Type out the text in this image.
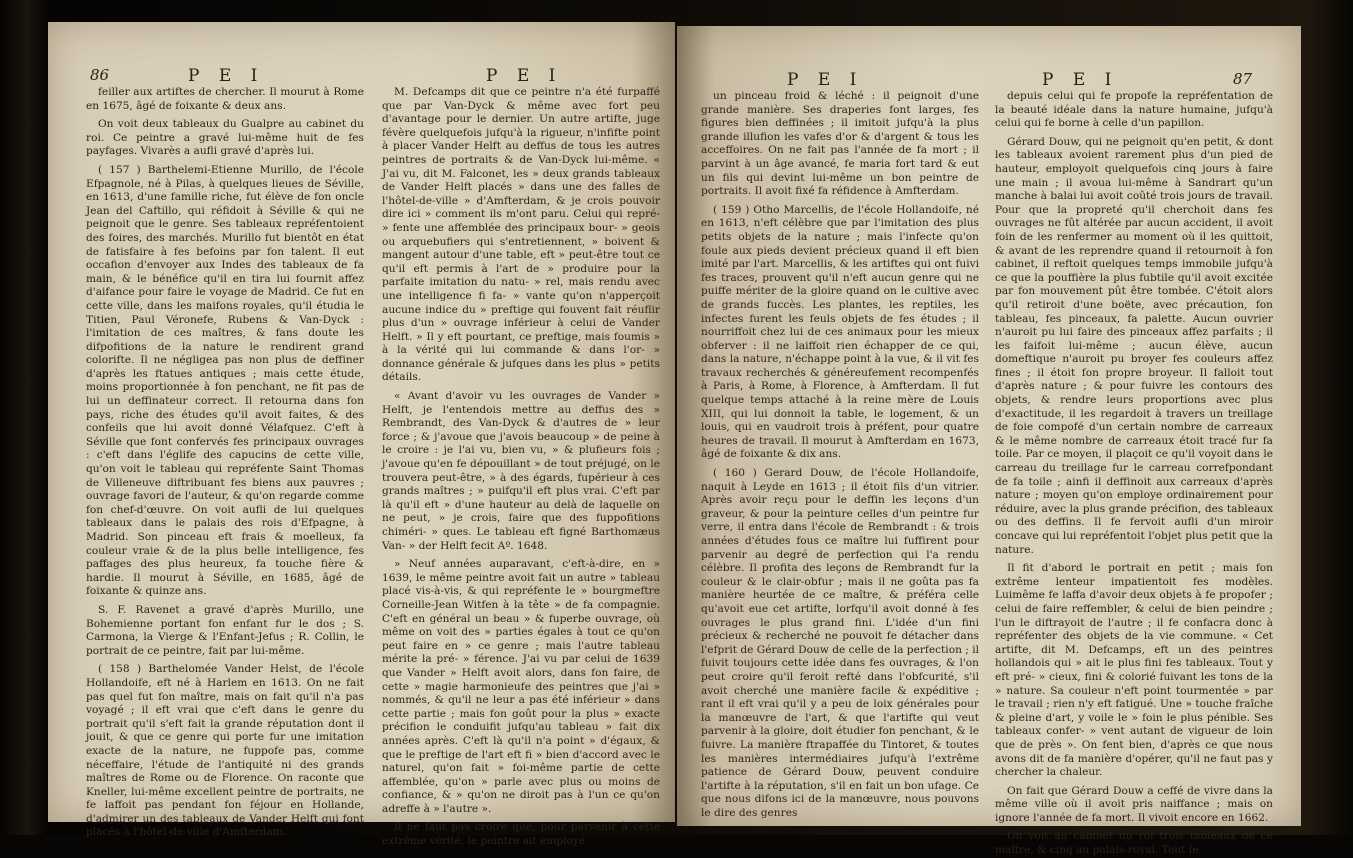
86	P E I	P E I

feiller aux artiftes de chercher. Il mourut à Rome en 1675, âgé de foixante & deux ans.

On voit deux tableaux du Gualpre au cabinet du roi. Ce peintre a gravé lui-même huit de fes payfages. Vivarès a aufli gravé d'après lui.

( 157 ) Barthelemi-Etienne Murillo, de l'école Efpagnole, né à Pilas, à quelques lieues de Séville, en 1613, d'une famille riche, fut élève de fon oncle Jean del Caftillo, qui réfidoit à Séville & qui ne peignoit que le genre. Ses tableaux repréfentoient des foires, des marchés. Murillo fut bientôt en état de fatisfaire à fes befoins par fon talent. Il eut occafion d'envoyer aux Indes des tableaux de fa main, & le bénéfice qu'il en tira lui fournit affez d'aifance pour faire le voyage de Madrid. Ce fut en cette ville, dans les maifons royales, qu'il étudia le Titien, Paul Véronefe, Rubens & Van-Dyck : l'imitation de ces maîtres, & fans doute les difpofitions de la nature le rendirent grand colorifte. Il ne négligea pas non plus de deffiner d'après les ftatues antiques ; mais cette étude, moins proportionnée à fon penchant, ne fit pas de lui un deffinateur correct. Il retourna dans fon pays, riche des études qu'il avoit faites, & des confeils que lui avoit donné Vélafquez. C'eft à Séville que font confervés fes principaux ouvrages : c'eft dans l'églife des capucins de cette ville, qu'on voit le tableau qui repréfente Saint Thomas de Villeneuve diftribuant fes biens aux pauvres ; ouvrage favori de l'auteur, & qu'on regarde comme fon chef-d'œuvre. On voit aufli de lui quelques tableaux dans le palais des rois d'Efpagne, à Madrid. Son pinceau eft frais & moelleux, fa couleur vraie & de la plus belle intelligence, fes paffages des plus heureux, fa touche fière & hardie. Il mourut à Séville, en 1685, âgé de foixante & quinze ans.

S. F. Ravenet a gravé d'après Murillo, une Bohemienne portant fon enfant fur le dos ; S. Carmona, la Vierge & l'Enfant-Jefus ; R. Collin, le portrait de ce peintre, fait par lui-même.

( 158 ) Barthelomée Vander Helst, de l'école Hollandoife, eft né à Harlem en 1613. On ne fait pas quel fut fon maître, mais on fait qu'il n'a pas voyagé ; il eft vrai que c'eft dans le genre du portrait qu'il s'eft fait la grande réputation dont il jouit, & que ce genre qui porte fur une imitation exacte de la nature, ne fuppofe pas, comme néceffaire, l'étude de l'antiquité ni des grands maîtres de Rome ou de Florence. On raconte que Kneller, lui-même excellent peintre de portraits, ne fe laffoit pas pendant fon féjour en Hollande, d'admirer un des tableaux de Vander Helft qui font placés à l'hôtel-de-ville d'Amfterdam.

M. Defcamps dit que ce peintre n'a été furpaffé que par Van-Dyck & même avec fort peu d'avantage pour le dernier. Un autre artifte, juge févère quelquefois jufqu'à la rigueur, n'infifte point à placer Vander Helft au deffus de tous les autres peintres de portraits & de Van-Dyck lui-même. « J'ai vu, dit M. Falconet, les » deux grands tableaux de Vander Helft placés » dans une des falles de l'hôtel-de-ville » d'Amfterdam, & je crois pouvoir dire ici » comment ils m'ont paru. Celui qui repré- » fente une affemblée des principaux bour- » geois ou arquebufiers qui s'entretiennent, » boivent & mangent autour d'une table, eft » peut-être tout ce qu'il eft permis à l'art de » produire pour la parfaite imitation du natu- » rel, mais rendu avec une intelligence fi fa- » vante qu'on n'apperçoit aucune indice du » preftige qui fouvent fait réuflir plus d'un » ouvrage inférieur à celui de Vander Helft. » Il y eft pourtant, ce preftige, mais foumis » à la vérité qui lui commande & dans l'or- » donnance générale & jufques dans les plus » petits détails.

« Avant d'avoir vu les ouvrages de Vander » Helft, je l'entendois mettre au deffus des » Rembrandt, des Van-Dyck & d'autres de » leur force ; & j'avoue que j'avois beaucoup » de peine à le croire : je l'ai vu, bien vu, » & plufieurs fois ; j'avoue qu'en fe dépouillant » de tout préjugé, on le trouvera peut-être, » à des égards, fupérieur à ces grands maîtres ; » puifqu'il eft plus vrai. C'eft par là qu'il eft » d'une hauteur au delà de laquelle on ne peut, » je crois, faire que des fuppofitions chiméri- » ques. Le tableau eft figné Barthomæus Van- » der Helft fecit Aº. 1648.

» Neuf années auparavant, c'eft-à-dire, en » 1639, le même peintre avoit fait un autre » tableau placé vis-à-vis, & qui repréfente le » bourgmeftre Corneille-Jean Witfen à la tête » de fa compagnie. C'eft en général un beau » & fuperbe ouvrage, où même on voit des » parties égales à tout ce qu'on peut faire en » ce genre ; mais l'autre tableau mérite la pré- » férence. J'ai vu par celui de 1639 que Vander » Helft avoit alors, dans fon faire, de cette » magie harmonieufe des peintres que j'ai » nommés, & qu'il ne leur a pas été inférieur » dans cette partie ; mais fon goût pour la plus » exacte précifion le conduifit jufqu'au tableau » fait dix années après. C'eft là qu'il n'a point » d'égaux, & que le preftige de l'art eft fi » bien d'accord avec le naturel, qu'on fait » foi-même partie de cette affemblée, qu'on » parle avec plus ou moins de confiance, & » qu'on ne diroit pas à l'un ce qu'on adreffe à » l'autre ».

Il ne faut pas croire que, pour parvenir à cette extrême vérité, le peintre ait employé

P E I	P E I	87

un pinceau froid & léché : il peignoit d'une grande manière. Ses draperies font larges, fes figures bien deffinées ; il imitoit jufqu'à la plus grande illufion les vafes d'or & d'argent & tous les acceffoires. On ne fait pas l'année de fa mort ; il parvint à un âge avancé, fe maria fort tard & eut un fils qui devint lui-même un bon peintre de portraits. Il avoit fixé fa réfidence à Amfterdam.

( 159 ) Otho Marcellis, de l'école Hollandoife, né en 1613, n'eft célèbre que par l'imitation des plus petits objets de la nature ; mais l'infecte qu'on foule aux pieds devient précieux quand il eft bien imité par l'art. Marcellis, & les artiftes qui ont fuivi fes traces, prouvent qu'il n'eft aucun genre qui ne puiffe mériter de la gloire quand on le cultive avec de grands fuccès. Les plantes, les reptiles, les infectes furent les feuls objets de fes études ; il nourriffoit chez lui de ces animaux pour les mieux obferver : il ne laiffoit rien échapper de ce qui, dans la nature, n'échappe point à la vue, & il vit fes travaux recherchés & généreufement recompenfés à Paris, à Rome, à Florence, à Amfterdam. Il fut quelque temps attaché à la reine mère de Louis XIII, qui lui donnoit la table, le logement, & un louis, qui en vaudroit trois à préfent, pour quatre heures de travail. Il mourut à Amfterdam en 1673, âgé de foixante & dix ans.

( 160 ) Gerard Douw, de l'école Hollandoife, naquit à Leyde en 1613 ; il étoit fils d'un vitrier. Après avoir reçu pour le deffin les leçons d'un graveur, & pour la peinture celles d'un peintre fur verre, il entra dans l'école de Rembrandt : & trois années d'études fous ce maître lui fuffirent pour parvenir au degré de perfection qui l'a rendu célèbre. Il profita des leçons de Rembrandt fur la couleur & le clair-obfur ; mais il ne goûta pas fa manière heurtée de ce maître, & préféra celle qu'avoit eue cet artifte, lorfqu'il avoit donné à fes ouvrages le plus grand fini. L'idée d'un fini précieux & recherché ne pouvoit fe détacher dans l'efprit de Gérard Douw de celle de la perfection ; il fuivit toujours cette idée dans fes ouvrages, & l'on peut croire qu'il feroit refté dans l'obfcurité, s'il avoit cherché une manière facile & expéditive ; rant il eft vrai qu'il y a peu de loix générales pour la manœuvre de l'art, & que l'artifte qui veut parvenir à la gloire, doit étudier fon penchant, & le fuivre. La manière ftrapaffée du Tintoret, & toutes les manières intermédiaires jufqu'à l'extrême patience de Gérard Douw, peuvent conduire l'artifte à la réputation, s'il en fait un bon ufage. Ce que nous difons ici de la manœuvre, nous pouvons le dire des genres

depuis celui qui fe propofe la repréfentation de la beauté idéale dans la nature humaine, jufqu'à celui qui fe borne à celle d'un papillon.

Gérard Douw, qui ne peignoit qu'en petit, & dont les tableaux avoient rarement plus d'un pied de hauteur, employoit quelquefois cinq jours à faire une main ; il avoua lui-même à Sandrart qu'un manche à balai lui avoit coûté trois jours de travail. Pour que la propreté qu'il cherchoit dans fes ouvrages ne fût altérée par aucun accident, il avoit foin de les renfermer au moment où il les quittoit, & avant de les reprendre quand il retournoit à fon cabinet, il reftoit quelques temps immobile jufqu'à ce que la pouffière la plus fubtile qu'il avoit excitée par fon mouvement pût être tombée. C'étoit alors qu'il retiroit d'une boëte, avec précaution, fon tableau, fes pinceaux, fa palette. Aucun ouvrier n'auroit pu lui faire des pinceaux affez parfaits ; il les faifoit lui-même ; aucun élève, aucun domeftique n'auroit pu broyer fes couleurs affez fines ; il étoit fon propre broyeur. Il falloit tout d'après nature ; & pour fuivre les contours des objets, & rendre leurs proportions avec plus d'exactitude, il les regardoit à travers un treillage de foie compofé d'un certain nombre de carreaux & le même nombre de carreaux étoit tracé fur fa toile. Par ce moyen, il plaçoit ce qu'il voyoit dans le carreau du treillage fur le carreau correfpondant de fa toile ; ainfi il deffinoit aux carreaux d'après nature ; moyen qu'on employe ordinairement pour réduire, avec la plus grande précifion, des tableaux ou des deffins. Il fe fervoit aufli d'un miroir concave qui lui repréfentoit l'objet plus petit que la nature.

Il fit d'abord le portrait en petit ; mais fon extrême lenteur impatientoit fes modèles. Luimême fe laffa d'avoir deux objets à fe propofer ; celui de faire reffembler, & celui de bien peindre ; l'un le diftrayoit de l'autre ; il fe confacra donc à repréfenter des objets de la vie commune. « Cet artifte, dit M. Defcamps, eft un des peintres hollandois qui » ait le plus fini fes tableaux. Tout y eft pré- » cieux, fini & colorié fuivant les tons de la » nature. Sa couleur n'eft point tourmentée » par le travail ; rien n'y eft fatigué. Une » touche fraîche & pleine d'art, y voile le » foin le plus pénible. Ses tableaux confer- » vent autant de vigueur de loin que de près ». On fent bien, d'après ce que nous avons dit de fa manière d'opérer, qu'il ne faut pas y chercher la chaleur.

On fait que Gérard Douw a ceffé de vivre dans la même ville où il avoit pris naiffance ; mais on ignore l'année de fa mort. Il vivoit encore en 1662.

On voit au cabinet du roi trois tableaux de ce maître, & cinq au palais-royal. Tout le
